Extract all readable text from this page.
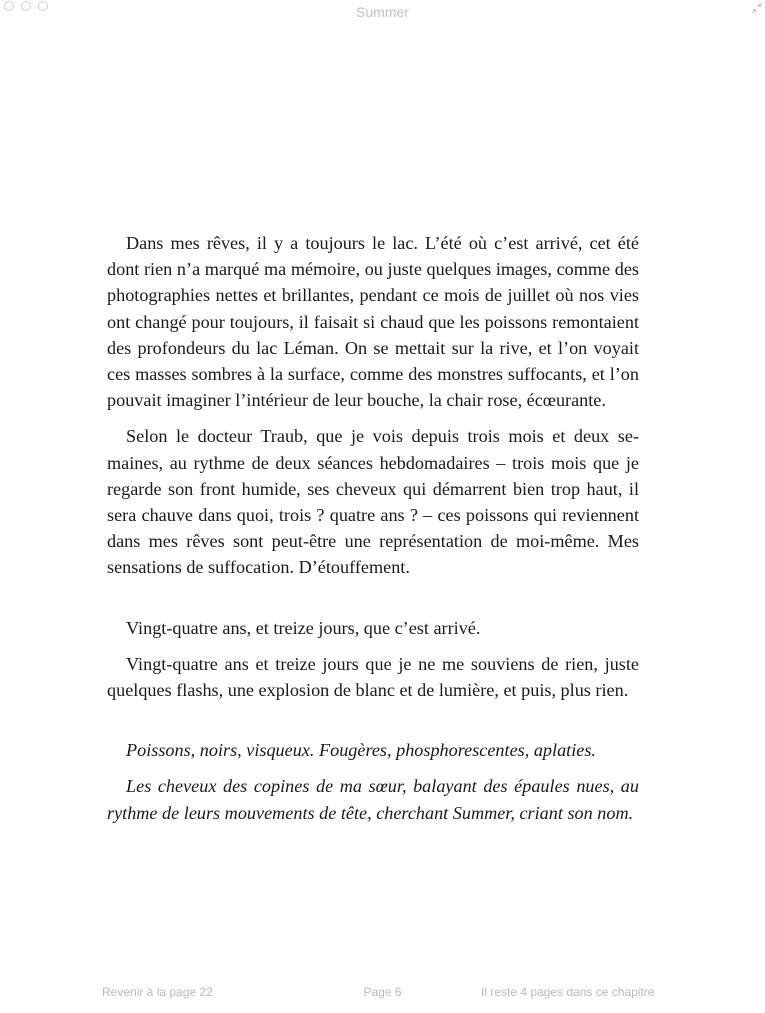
Summer

Dans mes rêves, il y a toujours le lac. L’été où c’est arrivé, cet été dont rien n’a marqué ma mémoire, ou juste quelques images, comme des photographies nettes et brillantes, pendant ce mois de juillet où nos vies ont changé pour toujours, il faisait si chaud que les poissons remontaient des profondeurs du lac Léman. On se mettait sur la rive, et l’on voyait ces masses sombres à la surface, comme des monstres suffocants, et l’on pouvait imaginer l’intérieur de leur bouche, la chair rose, écœurante.

Selon le docteur Traub, que je vois depuis trois mois et deux semaines, au rythme de deux séances hebdomadaires – trois mois que je regarde son front humide, ses cheveux qui démarrent bien trop haut, il sera chauve dans quoi, trois ? quatre ans ? – ces poissons qui reviennent dans mes rêves sont peut-être une représentation de moi-même. Mes sensations de suffocation. D’étouffement.

Vingt-quatre ans, et treize jours, que c’est arrivé.

Vingt-quatre ans et treize jours que je ne me souviens de rien, juste quelques flashs, une explosion de blanc et de lumière, et puis, plus rien.

Poissons, noirs, visqueux. Fougères, phosphorescentes, aplaties.

Les cheveux des copines de ma sœur, balayant des épaules nues, au rythme de leurs mouvements de tête, cherchant Summer, criant son nom.

Revenir à la page 22	Page 6	Il reste 4 pages dans ce chapitre
